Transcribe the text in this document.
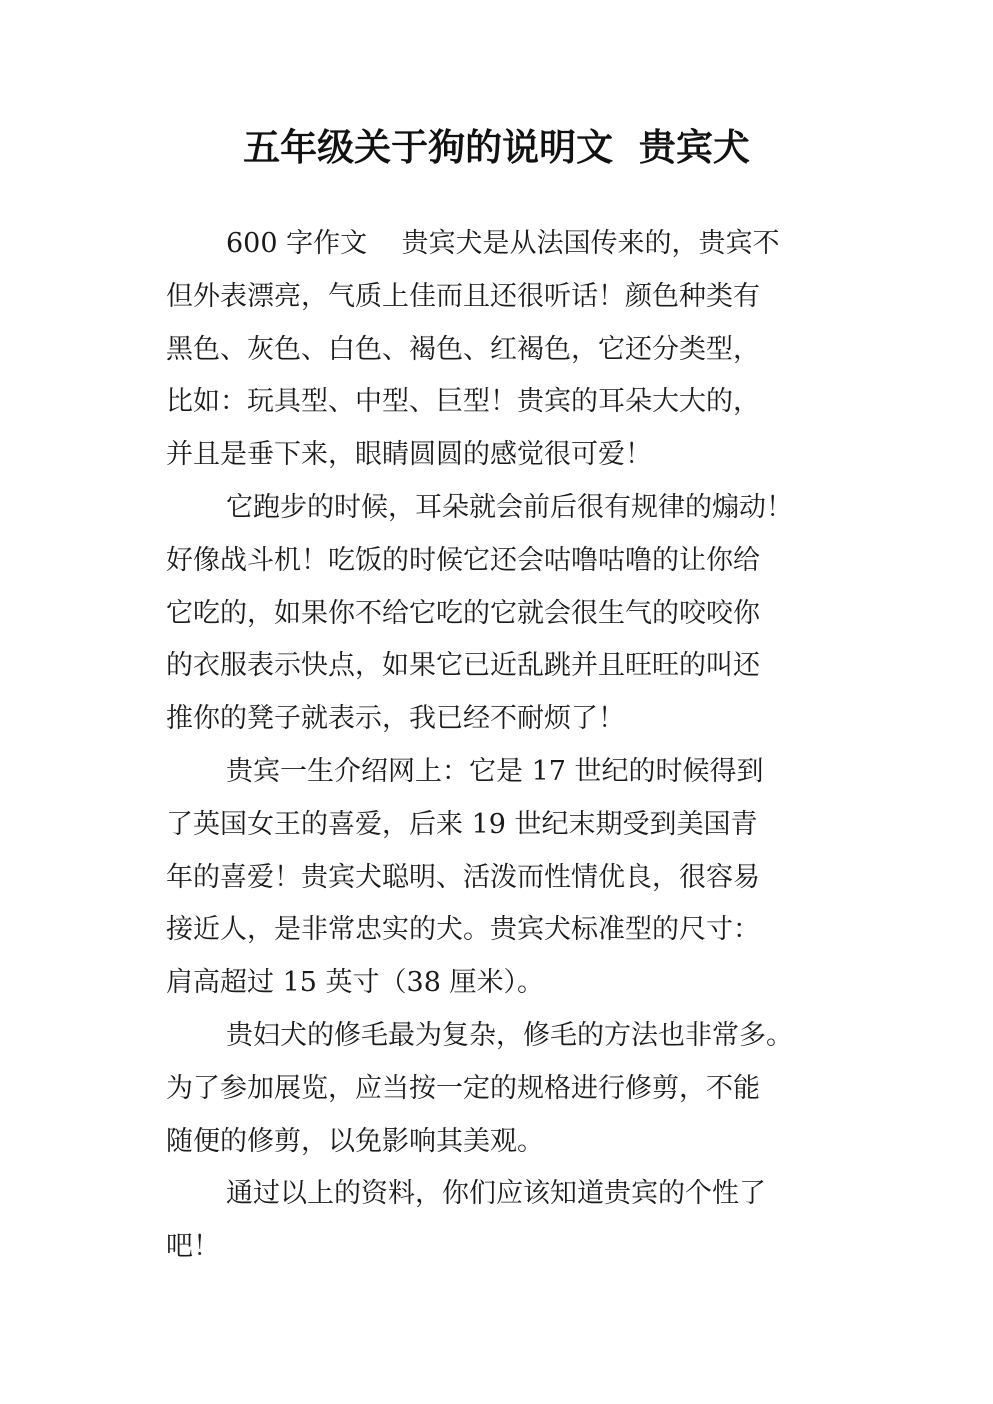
五年级关于狗的说明文  贵宾犬
600 字作文    贵宾犬是从法国传来的，贵宾不
但外表漂亮，气质上佳而且还很听话！颜色种类有
黑色、灰色、白色、褐色、红褐色，它还分类型，
比如：玩具型、中型、巨型！贵宾的耳朵大大的，
并且是垂下来，眼睛圆圆的感觉很可爱！
它跑步的时候，耳朵就会前后很有规律的煽动！
好像战斗机！吃饭的时候它还会咕噜咕噜的让你给
它吃的，如果你不给它吃的它就会很生气的咬咬你
的衣服表示快点，如果它已近乱跳并且旺旺的叫还
推你的凳子就表示，我已经不耐烦了！
贵宾一生介绍网上：它是 17 世纪的时候得到
了英国女王的喜爱，后来 19 世纪末期受到美国青
年的喜爱！贵宾犬聪明、活泼而性情优良，很容易
接近人，是非常忠实的犬。贵宾犬标准型的尺寸：
肩高超过 15 英寸（38 厘米）。
贵妇犬的修毛最为复杂，修毛的方法也非常多。
为了参加展览，应当按一定的规格进行修剪，不能
随便的修剪，以免影响其美观。
通过以上的资料，你们应该知道贵宾的个性了
吧！
